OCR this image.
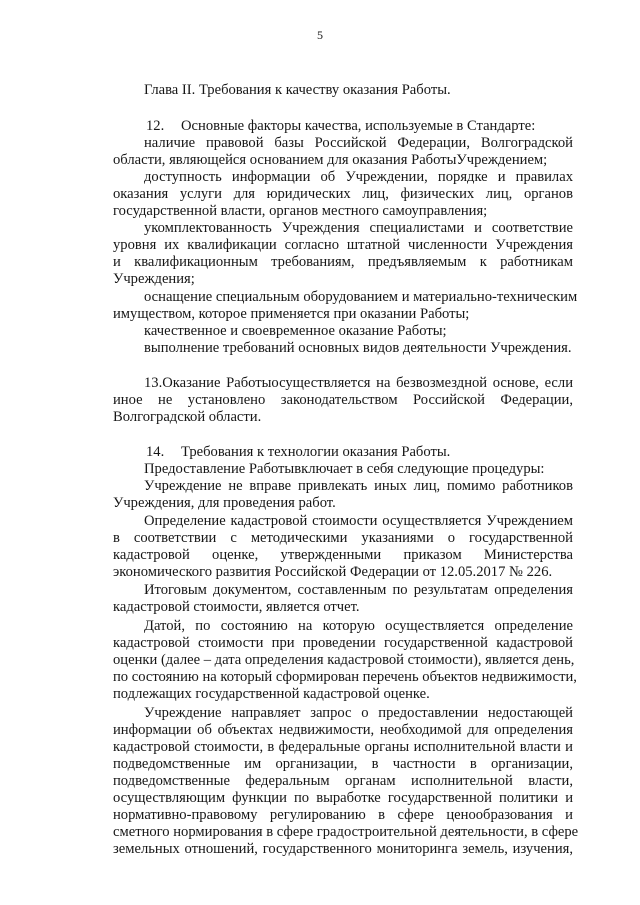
5
Глава II. Требования к качеству оказания Работы.
12. Основные факторы качества, используемые в Стандарте:
наличие правовой базы Российской Федерации, Волгоградской
области, являющейся основанием для оказания РаботыУчреждением;
доступность информации об Учреждении, порядке и правилах
оказания услуги для юридических лиц, физических лиц, органов
государственной власти, органов местного самоуправления;
укомплектованность Учреждения специалистами и соответствие
уровня их квалификации согласно штатной численности Учреждения
и квалификационным требованиям, предъявляемым к работникам
Учреждения;
оснащение специальным оборудованием и материально-техническим
имуществом, которое применяется при оказании Работы;
качественное и своевременное оказание Работы;
выполнение требований основных видов деятельности Учреждения.
13.Оказание Работыосуществляется на безвозмездной основе, если
иное не установлено законодательством Российской Федерации,
Волгоградской области.
14. Требования к технологии оказания Работы.
Предоставление Работывключает в себя следующие процедуры:
Учреждение не вправе привлекать иных лиц, помимо работников
Учреждения, для проведения работ.
Определение кадастровой стоимости осуществляется Учреждением
в соответствии с методическими указаниями о государственной
кадастровой оценке, утвержденными приказом Министерства
экономического развития Российской Федерации от 12.05.2017 № 226.
Итоговым документом, составленным по результатам определения
кадастровой стоимости, является отчет.
Датой, по состоянию на которую осуществляется определение
кадастровой стоимости при проведении государственной кадастровой
оценки (далее – дата определения кадастровой стоимости), является день,
по состоянию на который сформирован перечень объектов недвижимости,
подлежащих государственной кадастровой оценке.
Учреждение направляет запрос о предоставлении недостающей
информации об объектах недвижимости, необходимой для определения
кадастровой стоимости, в федеральные органы исполнительной власти и
подведомственные им организации, в частности в организации,
подведомственные федеральным органам исполнительной власти,
осуществляющим функции по выработке государственной политики и
нормативно-правовому регулированию в сфере ценообразования и
сметного нормирования в сфере градостроительной деятельности, в сфере
земельных отношений, государственного мониторинга земель, изучения,
